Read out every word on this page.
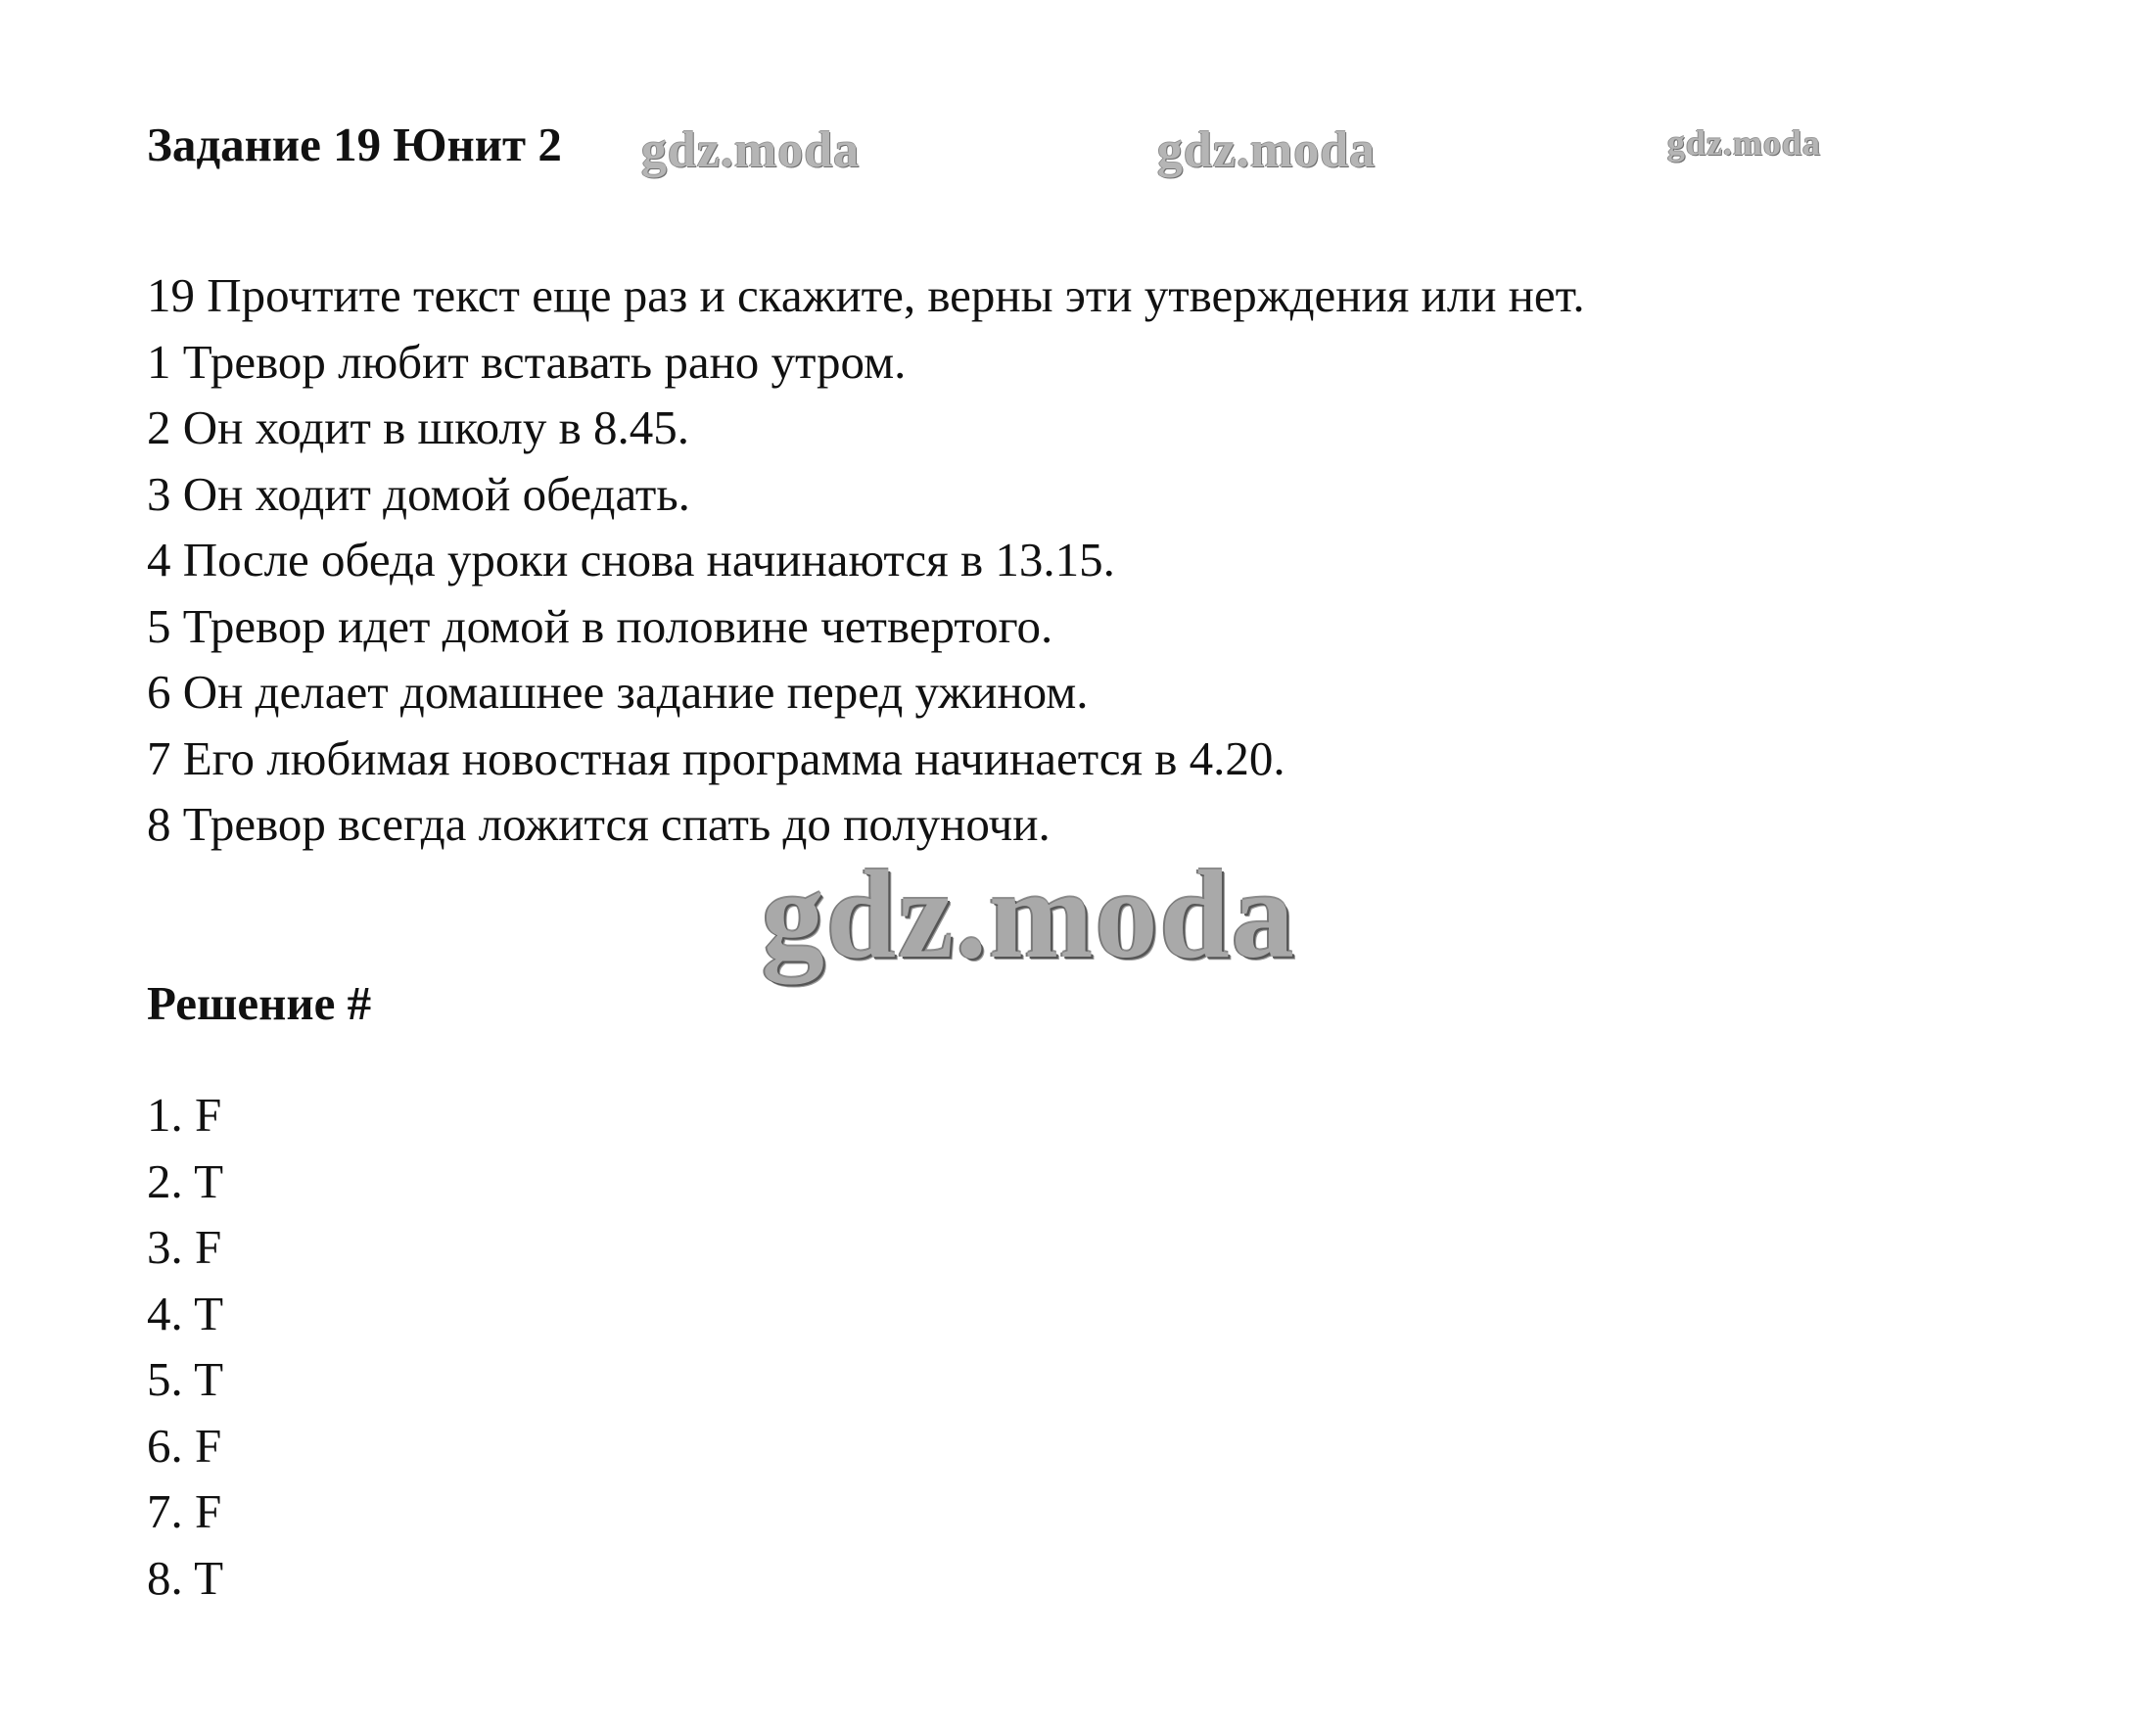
Задание 19 Юнит 2 gdz.moda	gdz.moda	gdz.moda
19 Прочтите текст еще раз и скажите, верны эти утверждения или нет.
1 Тревор любит вставать рано утром.
2 Он ходит в школу в 8.45.
3 Он ходит домой обедать.
4 После обеда уроки снова начинаются в 13.15.
5 Тревор идет домой в половине четвертого.
6 Он делает домашнее задание перед ужином.
7 Его любимая новостная программа начинается в 4.20.
8 Тревор всегда ложится спать до полуночи.
gdz.moda
Решение #
1. F
2. T
3. F
4. T
5. T
6. F
7. F
8. T
